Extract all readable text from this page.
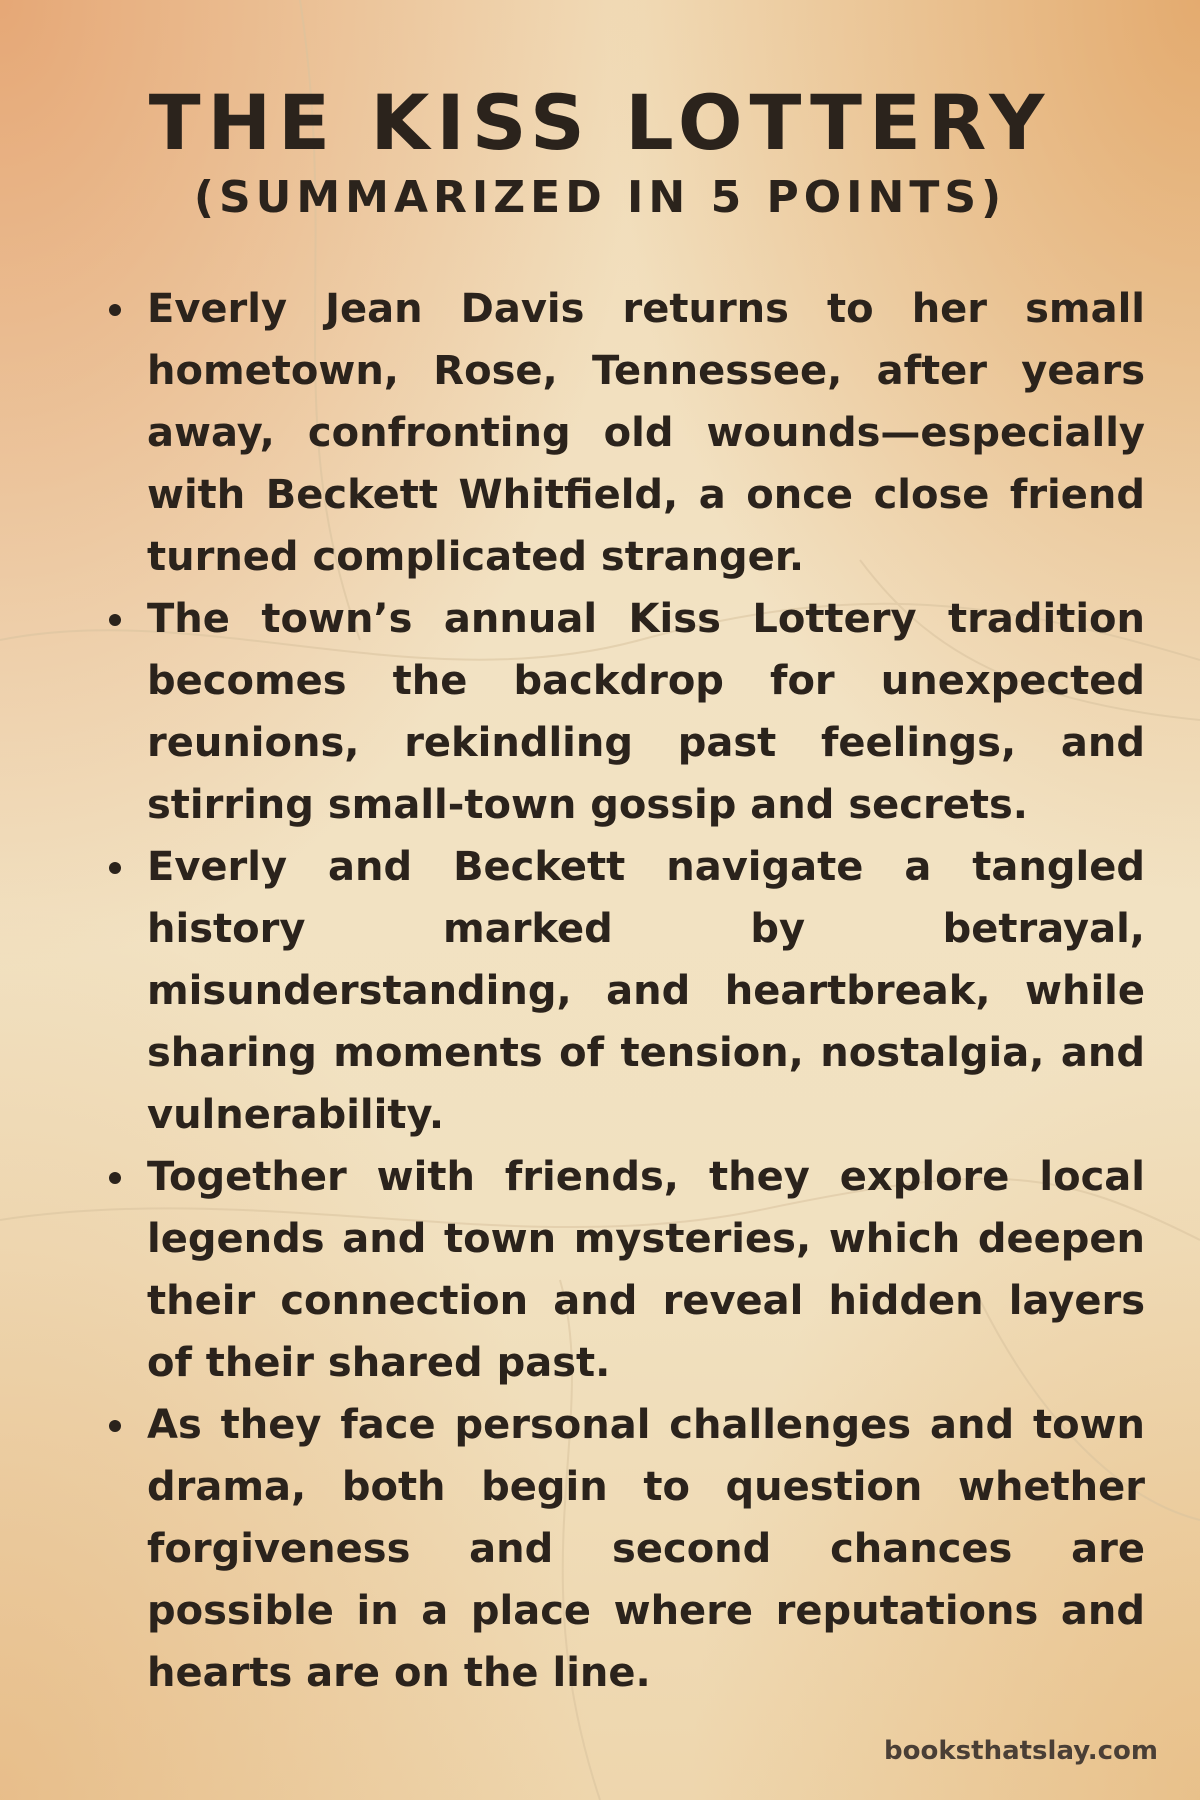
THE KISS LOTTERY
(SUMMARIZED IN 5 POINTS)
Everly Jean Davis returns to her small hometown, Rose, Tennessee, after years away, confronting old wounds—especially with Beckett Whitfield, a once close friend turned complicated stranger.
The town’s annual Kiss Lottery tradition becomes the backdrop for unexpected reunions, rekindling past feelings, and stirring small-town gossip and secrets.
Everly and Beckett navigate a tangled history marked by betrayal, misunderstanding, and heartbreak, while sharing moments of tension, nostalgia, and vulnerability.
Together with friends, they explore local legends and town mysteries, which deepen their connection and reveal hidden layers of their shared past.
As they face personal challenges and town drama, both begin to question whether forgiveness and second chances are possible in a place where reputations and hearts are on the line.
booksthatslay.com
